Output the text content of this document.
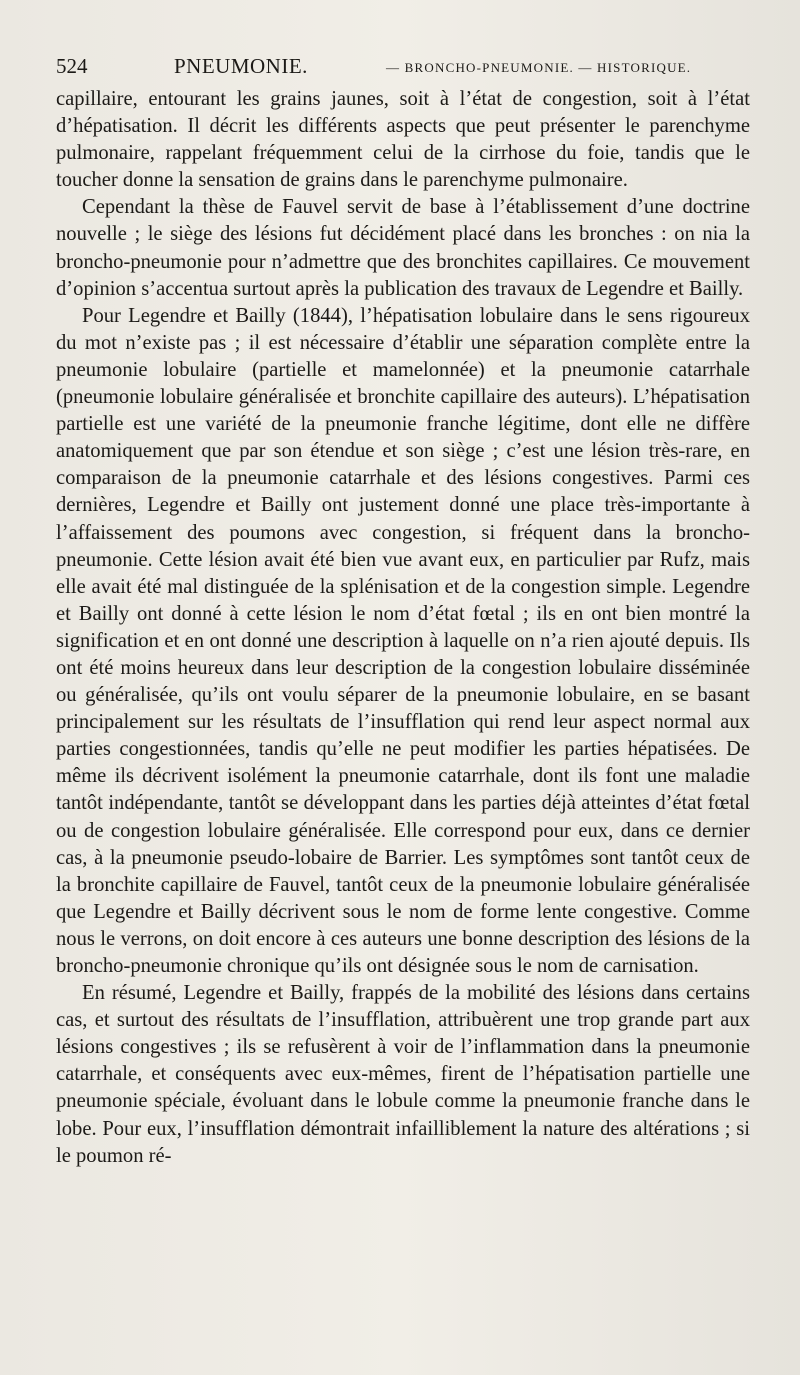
524	PNEUMONIE.	— BRONCHO-PNEUMONIE. — HISTORIQUE.

capillaire, entourant les grains jaunes, soit à l’état de congestion, soit à l’état d’hépatisation. Il décrit les différents aspects que peut présenter le parenchyme pulmonaire, rappelant fréquemment celui de la cirrhose du foie, tandis que le toucher donne la sensation de grains dans le parenchyme pulmonaire.

Cependant la thèse de Fauvel servit de base à l’établissement d’une doctrine nouvelle ; le siège des lésions fut décidément placé dans les bronches : on nia la broncho-pneumonie pour n’admettre que des bronchites capillaires. Ce mouvement d’opinion s’accentua surtout après la publication des travaux de Legendre et Bailly.

Pour Legendre et Bailly (1844), l’hépatisation lobulaire dans le sens rigoureux du mot n’existe pas ; il est nécessaire d’établir une séparation complète entre la pneumonie lobulaire (partielle et mamelonnée) et la pneumonie catarrhale (pneumonie lobulaire généralisée et bronchite capillaire des auteurs). L’hépatisation partielle est une variété de la pneumonie franche légitime, dont elle ne diffère anatomiquement que par son étendue et son siège ; c’est une lésion très-rare, en comparaison de la pneumonie catarrhale et des lésions congestives. Parmi ces dernières, Legendre et Bailly ont justement donné une place très-importante à l’affaissement des poumons avec congestion, si fréquent dans la broncho-pneumonie. Cette lésion avait été bien vue avant eux, en particulier par Rufz, mais elle avait été mal distinguée de la splénisation et de la congestion simple. Legendre et Bailly ont donné à cette lésion le nom d’état fœtal ; ils en ont bien montré la signification et en ont donné une description à laquelle on n’a rien ajouté depuis. Ils ont été moins heureux dans leur description de la congestion lobulaire disséminée ou généralisée, qu’ils ont voulu séparer de la pneumonie lobulaire, en se basant principalement sur les résultats de l’insufflation qui rend leur aspect normal aux parties congestionnées, tandis qu’elle ne peut modifier les parties hépatisées. De même ils décrivent isolément la pneumonie catarrhale, dont ils font une maladie tantôt indépendante, tantôt se développant dans les parties déjà atteintes d’état fœtal ou de congestion lobulaire généralisée. Elle correspond pour eux, dans ce dernier cas, à la pneumonie pseudo-lobaire de Barrier. Les symptômes sont tantôt ceux de la bronchite capillaire de Fauvel, tantôt ceux de la pneumonie lobulaire généralisée que Legendre et Bailly décrivent sous le nom de forme lente congestive. Comme nous le verrons, on doit encore à ces auteurs une bonne description des lésions de la broncho-pneumonie chronique qu’ils ont désignée sous le nom de carnisation.

En résumé, Legendre et Bailly, frappés de la mobilité des lésions dans certains cas, et surtout des résultats de l’insufflation, attribuèrent une trop grande part aux lésions congestives ; ils se refusèrent à voir de l’inflammation dans la pneumonie catarrhale, et conséquents avec eux-mêmes, firent de l’hépatisation partielle une pneumonie spéciale, évoluant dans le lobule comme la pneumonie franche dans le lobe. Pour eux, l’insufflation démontrait infailliblement la nature des altérations ; si le poumon ré-
